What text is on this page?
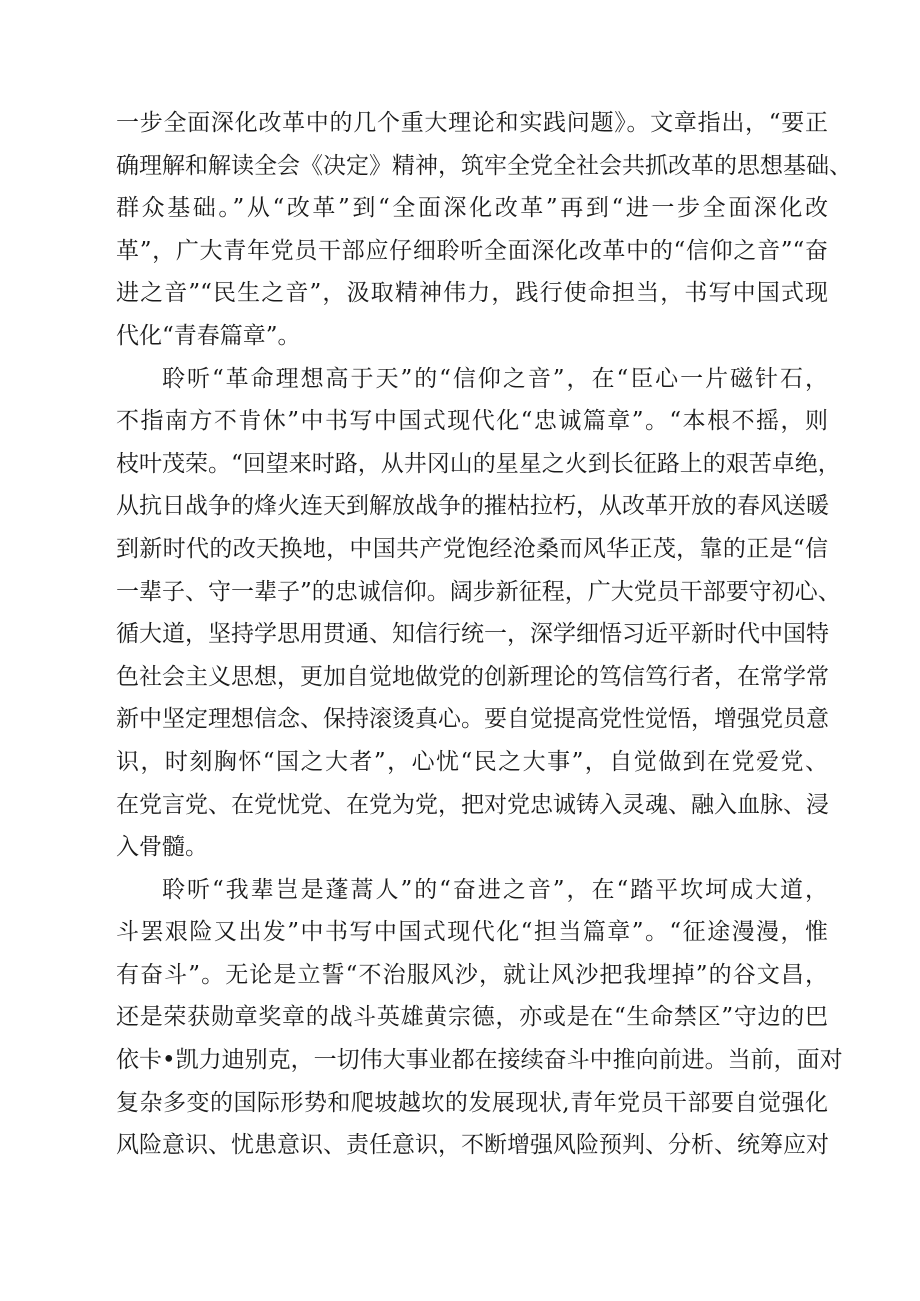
一步全面深化改革中的几个重大理论和实践问题》。文章指出，“要正
确理解和解读全会《决定》精神，筑牢全党全社会共抓改革的思想基础、
群众基础。”从“改革”到“全面深化改革”再到“进一步全面深化改
革”，广大青年党员干部应仔细聆听全面深化改革中的“信仰之音”“奋
进之音”“民生之音”，汲取精神伟力，践行使命担当，书写中国式现
代化“青春篇章”。
聆听“革命理想高于天”的“信仰之音”，在“臣心一片磁针石，
不指南方不肯休”中书写中国式现代化“忠诚篇章”。“本根不摇，则
枝叶茂荣。“回望来时路，从井冈山的星星之火到长征路上的艰苦卓绝，
从抗日战争的烽火连天到解放战争的摧枯拉朽，从改革开放的春风送暖
到新时代的改天换地，中国共产党饱经沧桑而风华正茂，靠的正是“信
一辈子、守一辈子”的忠诚信仰。阔步新征程，广大党员干部要守初心、
循大道，坚持学思用贯通、知信行统一，深学细悟习近平新时代中国特
色社会主义思想，更加自觉地做党的创新理论的笃信笃行者，在常学常
新中坚定理想信念、保持滚烫真心。要自觉提高党性觉悟，增强党员意
识，时刻胸怀“国之大者”，心忧“民之大事”，自觉做到在党爱党、
在党言党、在党忧党、在党为党，把对党忠诚铸入灵魂、融入血脉、浸
入骨髓。
聆听“我辈岂是蓬蒿人”的“奋进之音”，在“踏平坎坷成大道，
斗罢艰险又出发”中书写中国式现代化“担当篇章”。“征途漫漫，惟
有奋斗”。无论是立誓“不治服风沙，就让风沙把我埋掉”的谷文昌，
还是荣获勋章奖章的战斗英雄黄宗德，亦或是在“生命禁区”守边的巴
依卡•凯力迪别克，一切伟大事业都在接续奋斗中推向前进。当前，面对
复杂多变的国际形势和爬坡越坎的发展现状,青年党员干部要自觉强化
风险意识、忧患意识、责任意识，不断增强风险预判、分析、统筹应对
